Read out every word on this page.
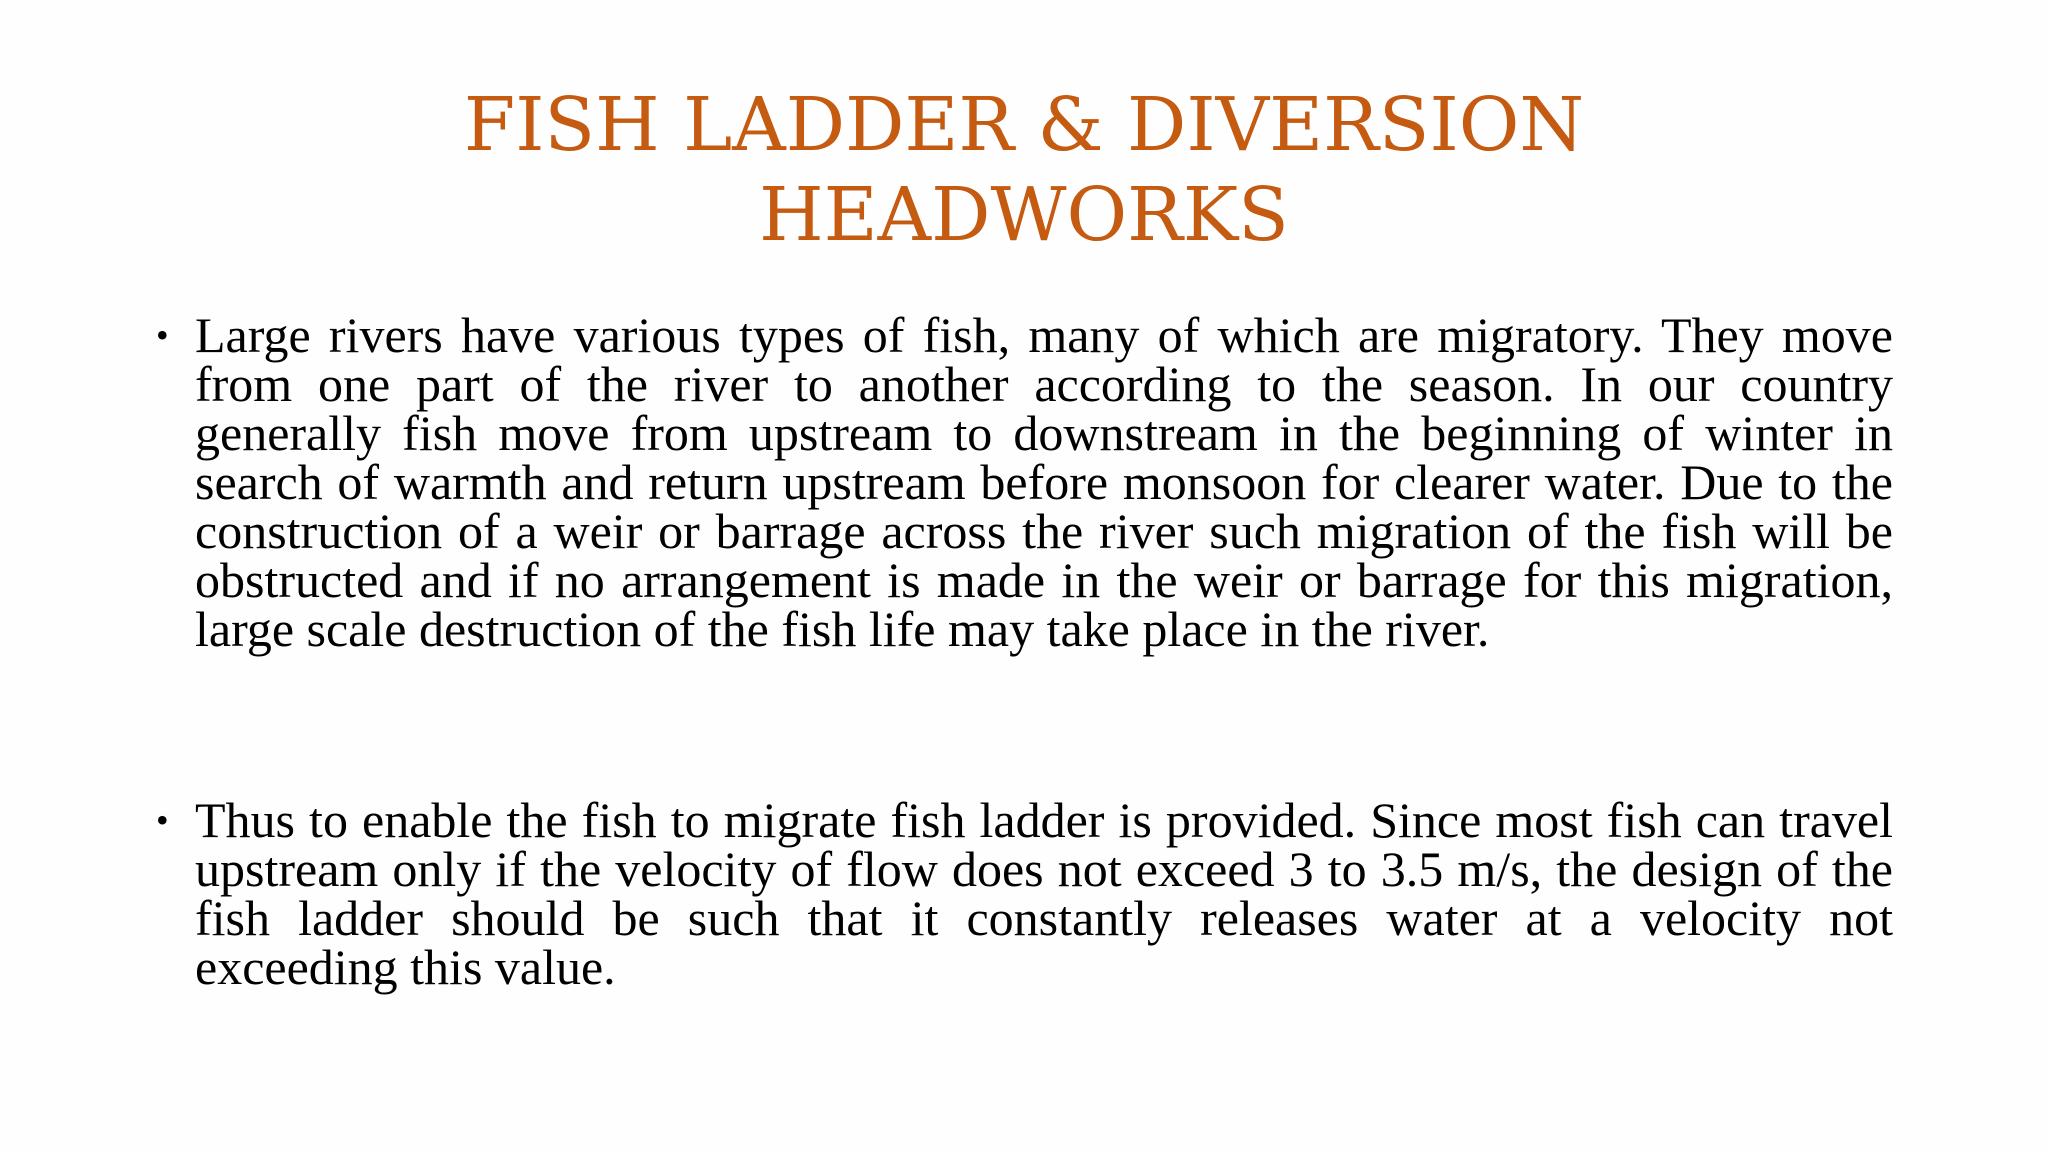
FISH LADDER & DIVERSION
HEADWORKS
• Large rivers have various types of fish, many of which are migratory. They move from one part of the river to another according to the season. In our country generally fish move from upstream to downstream in the beginning of winter in search of warmth and return upstream before monsoon for clearer water. Due to the construction of a weir or barrage across the river such migration of the fish will be obstructed and if no arrangement is made in the weir or barrage for this migration, large scale destruction of the fish life may take place in the river.
• Thus to enable the fish to migrate fish ladder is provided. Since most fish can travel upstream only if the velocity of flow does not exceed 3 to 3.5 m/s, the design of the fish ladder should be such that it constantly releases water at a velocity not exceeding this value.
